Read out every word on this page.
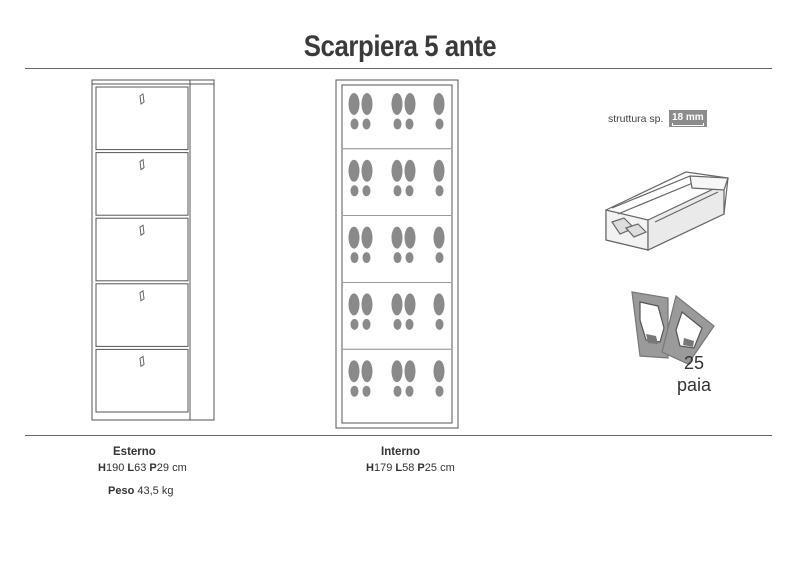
Scarpiera 5 ante
struttura sp. 18 mm
25
paia
Esterno
H190 L63 P29 cm
Peso 43,5 kg
Interno
H179 L58 P25 cm
